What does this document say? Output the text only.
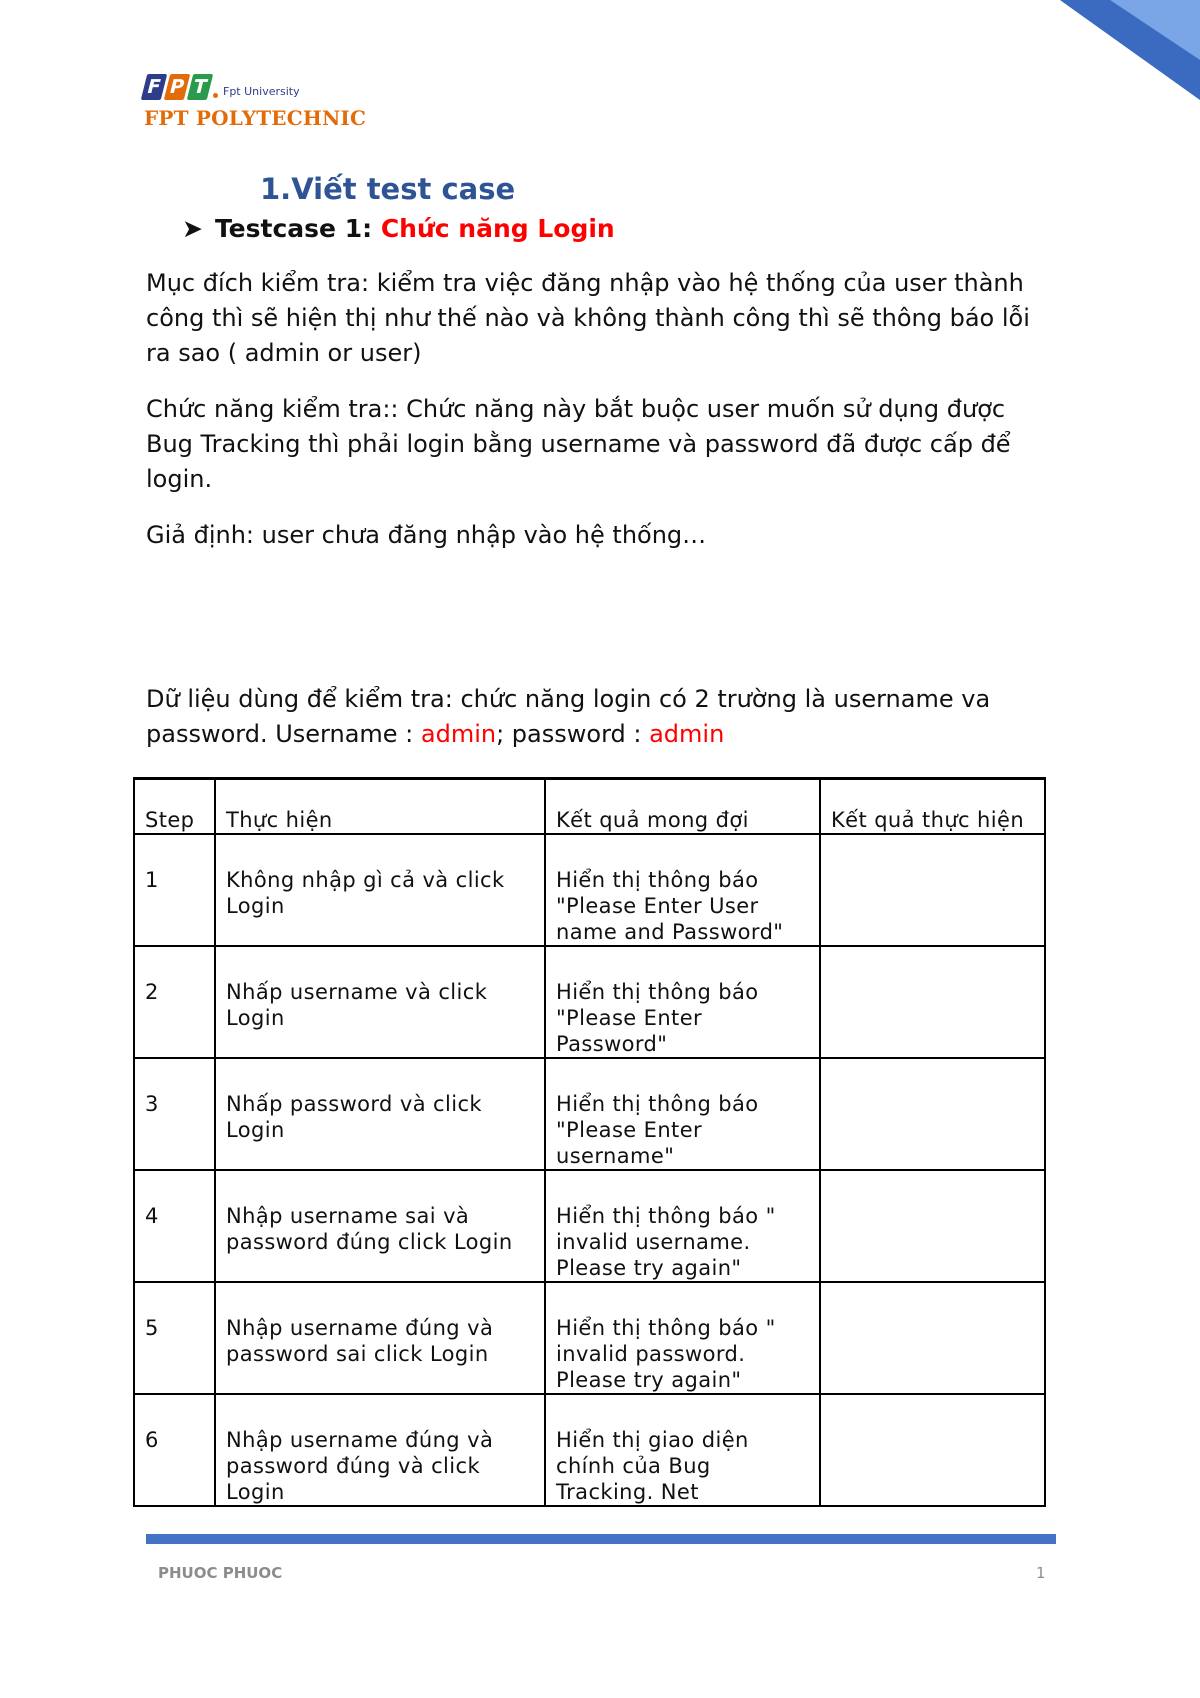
F P T	Fpt University
FPT POLYTECHNIC
1.Viết test case
➤ Testcase 1: Chức năng Login
Mục đích kiểm tra: kiểm tra việc đăng nhập vào hệ thống của user thành công thì sẽ hiện thị như thế nào và không thành công thì sẽ thông báo lỗi ra sao ( admin or user)
Chức năng kiểm tra:: Chức năng này bắt buộc user muốn sử dụng được Bug Tracking thì phải login bằng username và password đã được cấp để login.
Giả định: user chưa đăng nhập vào hệ thống…
Dữ liệu dùng để kiểm tra: chức năng login có 2 trường là username va password. Username : admin; password : admin
Step	Thực hiện	Kết quả mong đợi	Kết quả thực hiện
1	Không nhập gì cả và click Login	Hiển thị thông báo "Please Enter User name and Password"	
2	Nhấp username và click Login	Hiển thị thông báo "Please Enter Password"	
3	Nhấp password và click Login	Hiển thị thông báo "Please Enter username"	
4	Nhập username sai và password đúng click Login	Hiển thị thông báo " invalid username. Please try again"	
5	Nhập username đúng và password sai click Login	Hiển thị thông báo " invalid password. Please try again"	
6	Nhập username đúng và password đúng và click Login	Hiển thị giao diện chính của Bug Tracking. Net	
PHUOC PHUOC	1
